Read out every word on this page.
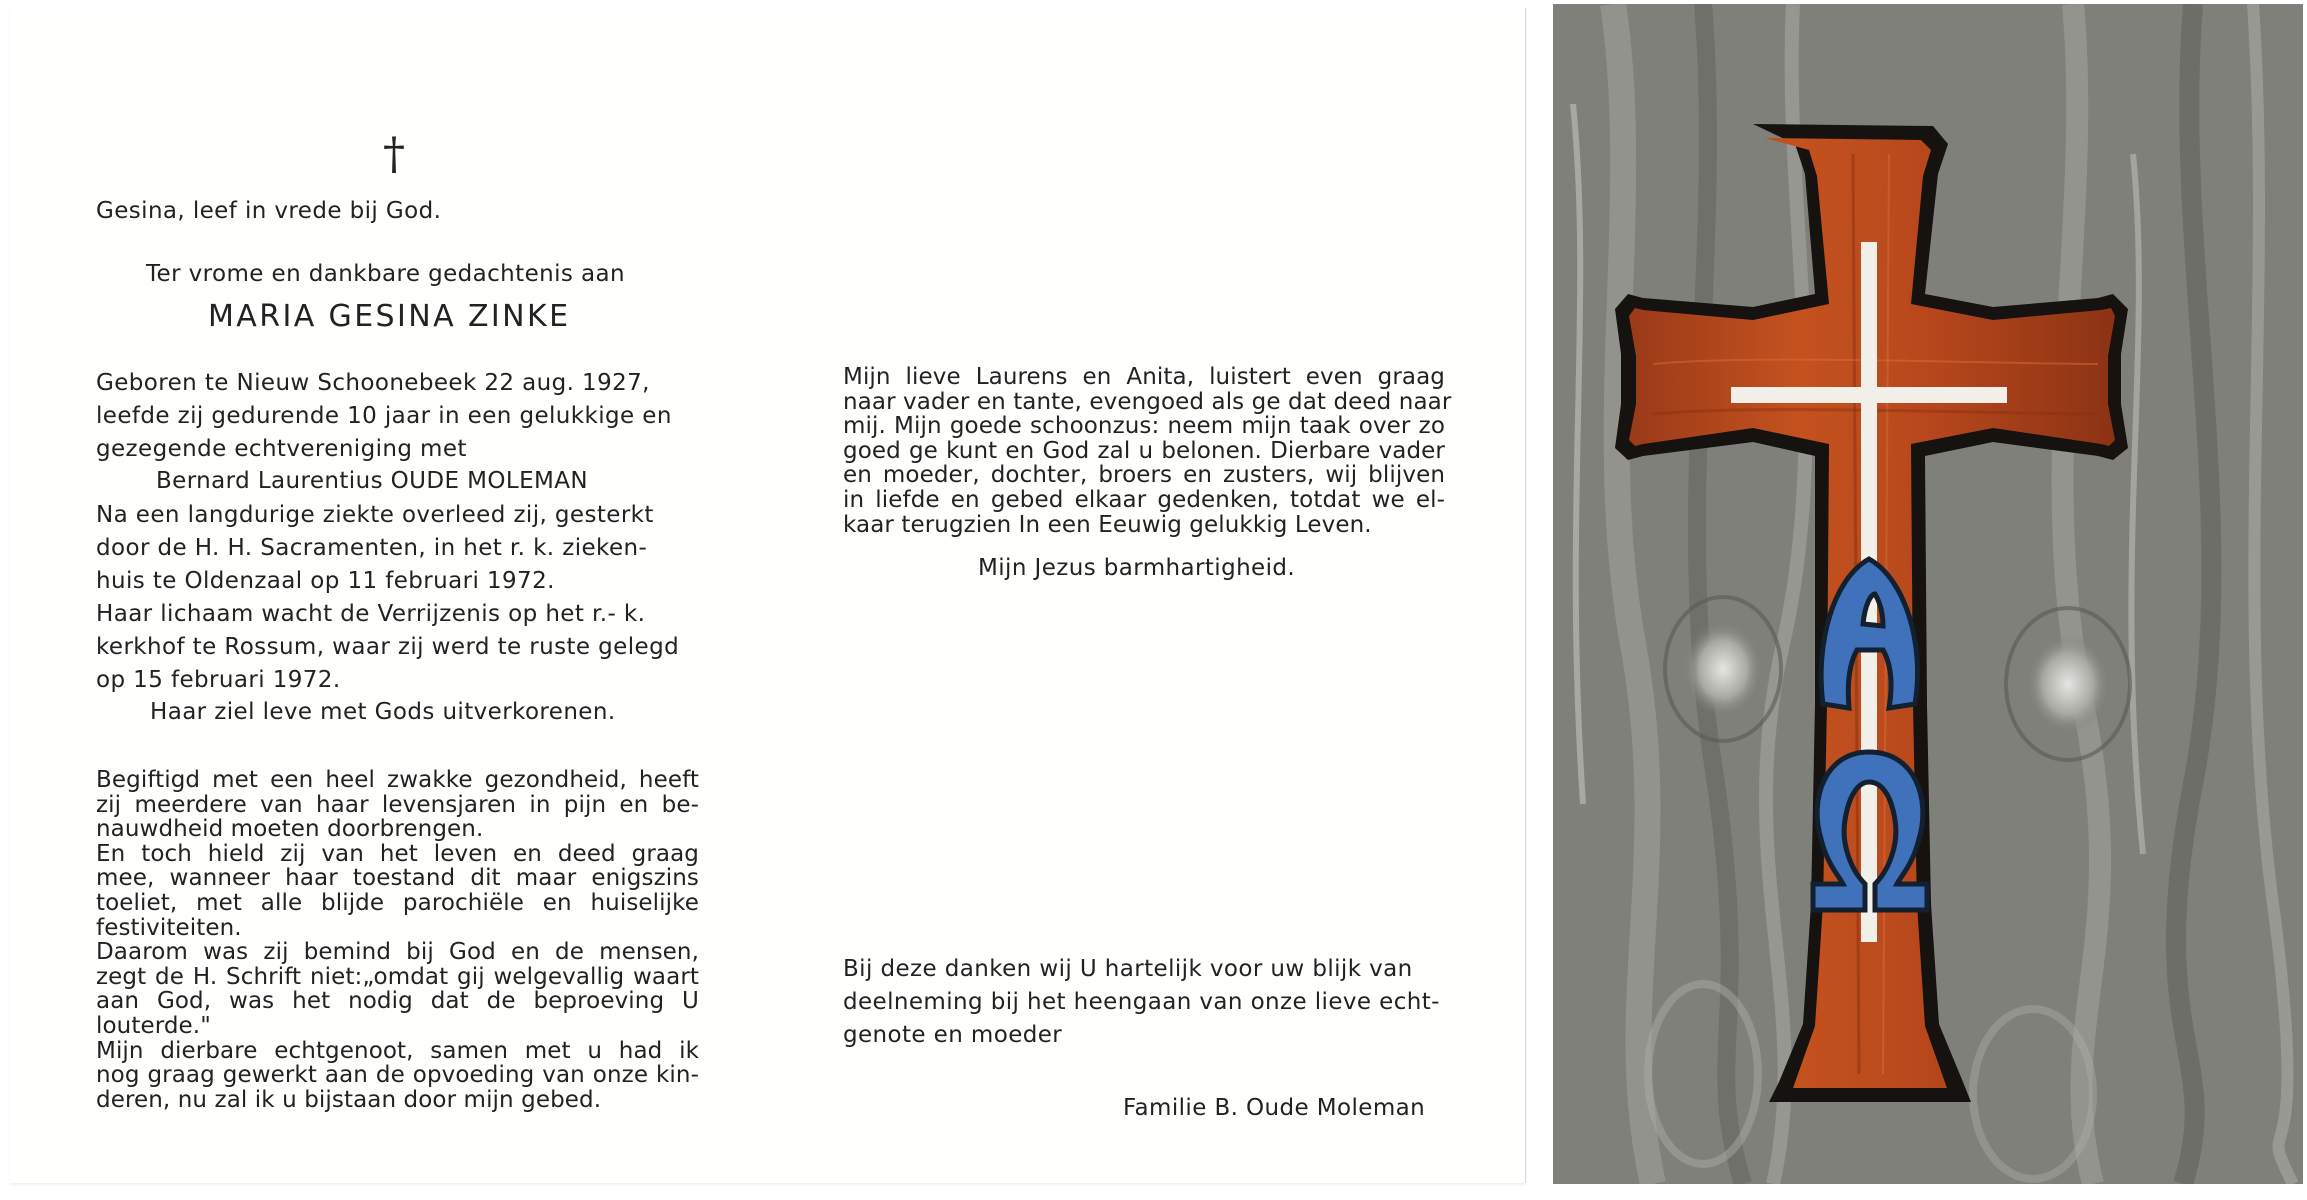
†
Gesina, leef in vrede bij God.
Ter vrome en dankbare gedachtenis aan
MARIA GESINA ZINKE
Geboren te Nieuw Schoonebeek 22 aug. 1927,
leefde zij gedurende 10 jaar in een gelukkige en
gezegende echtvereniging met
Bernard Laurentius OUDE MOLEMAN
Na een langdurige ziekte overleed zij, gesterkt
door de H. H. Sacramenten, in het r. k. zieken-
huis te Oldenzaal op 11 februari 1972.
Haar lichaam wacht de Verrijzenis op het r.- k.
kerkhof te Rossum, waar zij werd te ruste gelegd
op 15 februari 1972.
Haar ziel leve met Gods uitverkorenen.
Begiftigd met een heel zwakke gezondheid, heeft
zij meerdere van haar levensjaren in pijn en be-
nauwdheid moeten doorbrengen.
En toch hield zij van het leven en deed graag
mee, wanneer haar toestand dit maar enigszins
toeliet, met alle blijde parochiële en huiselijke
festiviteiten.
Daarom was zij bemind bij God en de mensen,
zegt de H. Schrift niet:„omdat gij welgevallig waart
aan God, was het nodig dat de beproeving U
louterde."
Mijn dierbare echtgenoot, samen met u had ik
nog graag gewerkt aan de opvoeding van onze kin-
deren, nu zal ik u bijstaan door mijn gebed.
Mijn lieve Laurens en Anita, luistert even graag
naar vader en tante, evengoed als ge dat deed naar
mij. Mijn goede schoonzus: neem mijn taak over zo
goed ge kunt en God zal u belonen. Dierbare vader
en moeder, dochter, broers en zusters, wij blijven
in liefde en gebed elkaar gedenken, totdat we el-
kaar terugzien In een Eeuwig gelukkig Leven.
Mijn Jezus barmhartigheid.
Bij deze danken wij U hartelijk voor uw blijk van
deelneming bij het heengaan van onze lieve echt-
genote en moeder
Familie B. Oude Moleman
